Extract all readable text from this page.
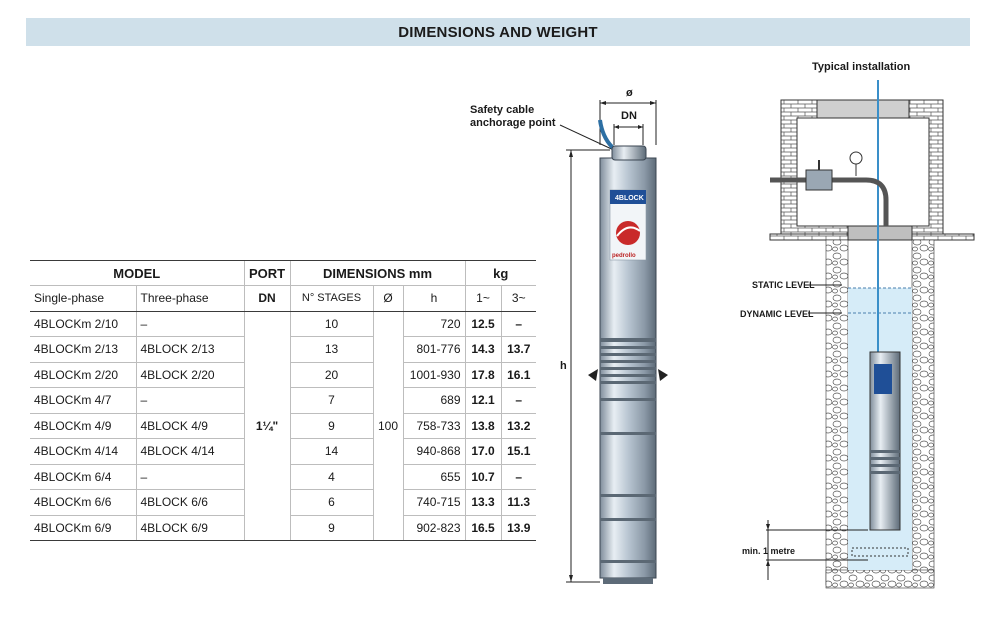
DIMENSIONS AND WEIGHT
MODEL		PORT	DIMENSIONS mm			kg	
Single-phase	Three-phase	DN	N° STAGES	Ø	h	1~	3~
4BLOCKm 2/10	–	1¼"	10	100	720	12.5	–
4BLOCKm 2/13	4BLOCK 2/13		13		801-776	14.3	13.7
4BLOCKm 2/20	4BLOCK 2/20		20		1001-930	17.8	16.1
4BLOCKm 4/7	–		7		689	12.1	–
4BLOCKm 4/9	4BLOCK 4/9		9		758-733	13.8	13.2
4BLOCKm 4/14	4BLOCK 4/14		14		940-868	17.0	15.1
4BLOCKm 6/4	–		4		655	10.7	–
4BLOCKm 6/6	4BLOCK 6/6		6		740-715	13.3	11.3
4BLOCKm 6/9	4BLOCK 6/9		9		902-823	16.5	13.9
Safety cable
anchorage point
ø
DN
h
4BLOCK
pedrollo
Typical installation
STATIC LEVEL
DYNAMIC LEVEL
min. 1 metre
